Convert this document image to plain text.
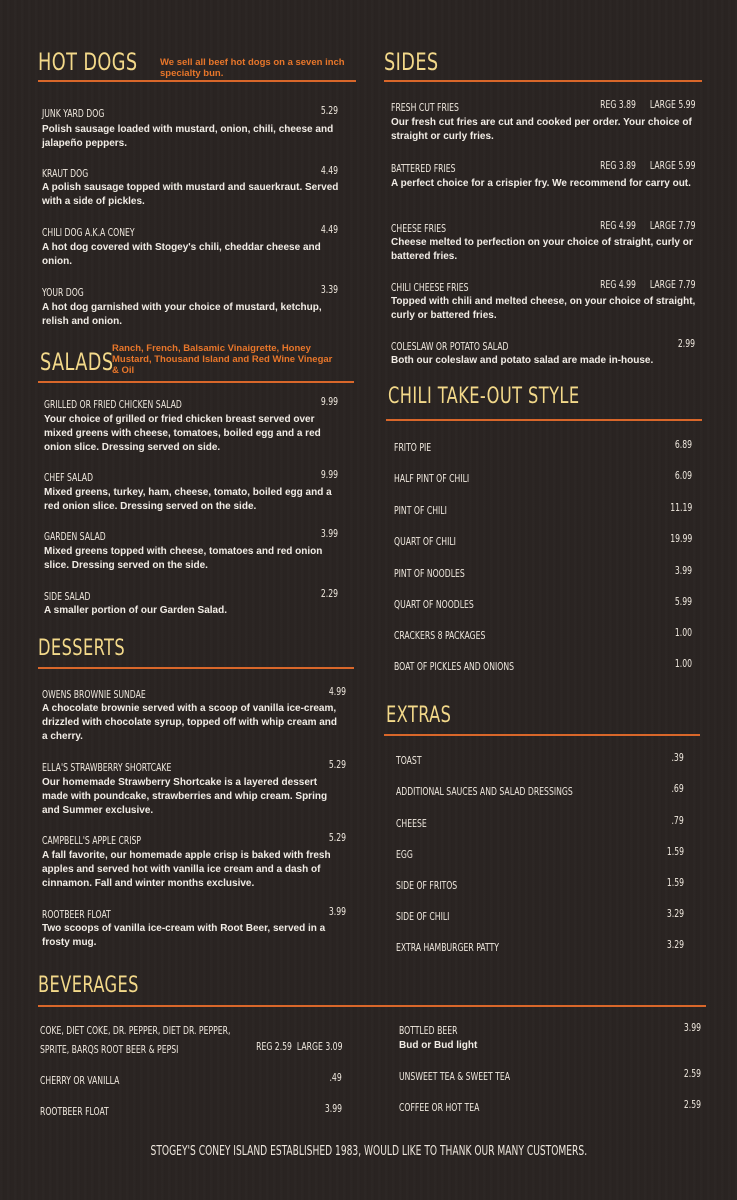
HOT DOGS	We sell all beef hot dogs on a seven inch specialty bun.
JUNK YARD DOG	5.29
Polish sausage loaded with mustard, onion, chili, cheese and jalapeño peppers.
KRAUT DOG	4.49
A polish sausage topped with mustard and sauerkraut. Served with a side of pickles.
CHILI DOG A.K.A CONEY	4.49
A hot dog covered with Stogey's chili, cheddar cheese and onion.
YOUR DOG	3.39
A hot dog garnished with your choice of mustard, ketchup, relish and onion.
SALADS
Ranch, French, Balsamic Vinaigrette, Honey Mustard, Thousand Island and Red Wine Vinegar & Oil
GRILLED OR FRIED CHICKEN SALAD	9.99
Your choice of grilled or fried chicken breast served over mixed greens with cheese, tomatoes, boiled egg and a red onion slice. Dressing served on side.
CHEF SALAD	9.99
Mixed greens, turkey, ham, cheese, tomato, boiled egg and a red onion slice. Dressing served on the side.
GARDEN SALAD	3.99
Mixed greens topped with cheese, tomatoes and red onion slice. Dressing served on the side.
SIDE SALAD	2.29
A smaller portion of our Garden Salad.
DESSERTS
OWENS BROWNIE SUNDAE	4.99
A chocolate brownie served with a scoop of vanilla ice-cream, drizzled with chocolate syrup, topped off with whip cream and a cherry.
ELLA'S STRAWBERRY SHORTCAKE	5.29
Our homemade Strawberry Shortcake is a layered dessert made with poundcake, strawberries and whip cream. Spring and Summer exclusive.
CAMPBELL'S APPLE CRISP	5.29
A fall favorite, our homemade apple crisp is baked with fresh apples and served hot with vanilla ice cream and a dash of cinnamon. Fall and winter months exclusive.
ROOTBEER FLOAT	3.99
Two scoops of vanilla ice-cream with Root Beer, served in a frosty mug.
SIDES
FRESH CUT FRIES	REG 3.89 LARGE 5.99
Our fresh cut fries are cut and cooked per order. Your choice of straight or curly fries.
BATTERED FRIES	REG 3.89 LARGE 5.99
A perfect choice for a crispier fry. We recommend for carry out.
CHEESE FRIES	REG 4.99 LARGE 7.79
Cheese melted to perfection on your choice of straight, curly or battered fries.
CHILI CHEESE FRIES	REG 4.99 LARGE 7.79
Topped with chili and melted cheese, on your choice of straight, curly or battered fries.
COLESLAW OR POTATO SALAD	2.99
Both our coleslaw and potato salad are made in-house.
CHILI TAKE-OUT STYLE
FRITO PIE	6.89
HALF PINT OF CHILI	6.09
PINT OF CHILI	11.19
QUART OF CHILI	19.99
PINT OF NOODLES	3.99
QUART OF NOODLES	5.99
CRACKERS 8 PACKAGES	1.00
BOAT OF PICKLES AND ONIONS	1.00
EXTRAS
TOAST	.39
ADDITIONAL SAUCES AND SALAD DRESSINGS	.69
CHEESE	.79
EGG	1.59
SIDE OF FRITOS	1.59
SIDE OF CHILI	3.29
EXTRA HAMBURGER PATTY	3.29
BEVERAGES
COKE, DIET COKE, DR. PEPPER, DIET DR. PEPPER,
SPRITE, BARQS ROOT BEER & PEPSI	REG 2.59 LARGE 3.09
CHERRY OR VANILLA	.49
ROOTBEER FLOAT	3.99
BOTTLED BEER	3.99
Bud or Bud light
UNSWEET TEA & SWEET TEA	2.59
COFFEE OR HOT TEA	2.59
STOGEY'S CONEY ISLAND ESTABLISHED 1983, WOULD LIKE TO THANK OUR MANY CUSTOMERS.
